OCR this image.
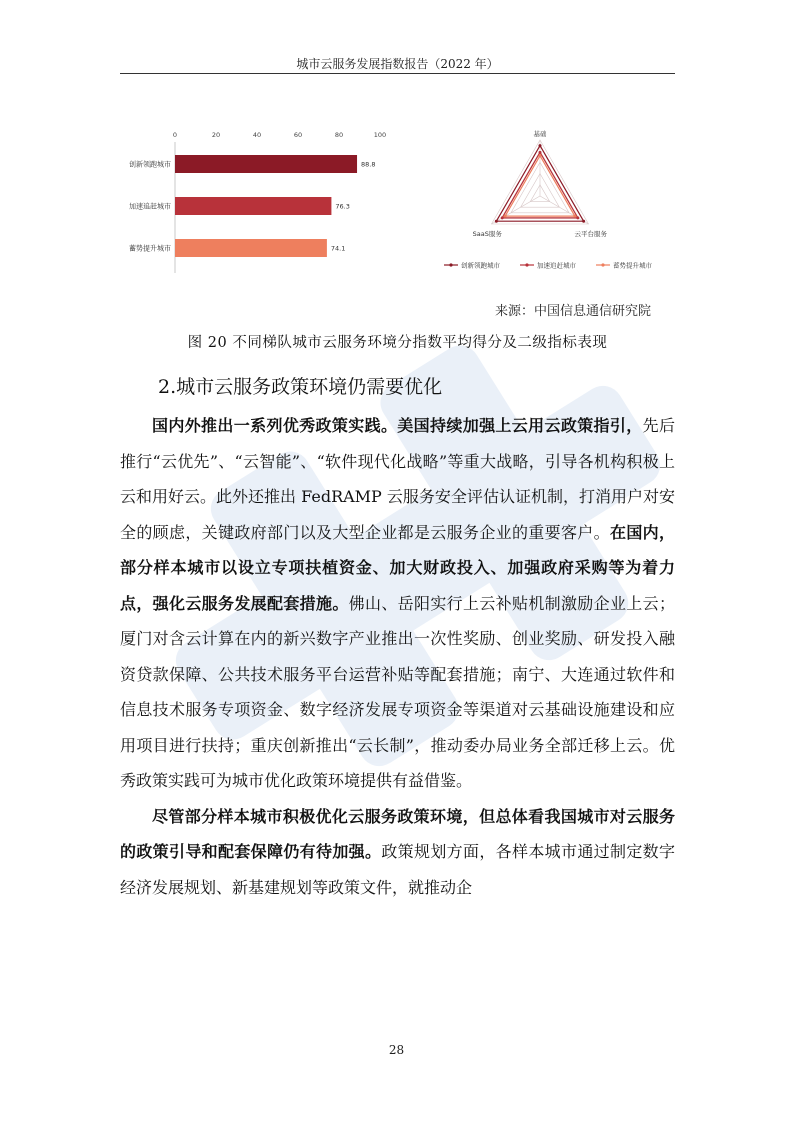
城市云服务发展指数报告（2022 年）
0	20	40	60	80	100
创新领跑城市	88.8
加速追赶城市	76.3
蓄势提升城市	74.1
基础
云平台服务
SaaS服务
创新领跑城市	加速追赶城市	蓄势提升城市
来源：中国信息通信研究院
图 20 不同梯队城市云服务环境分指数平均得分及二级指标表现
2.城市云服务政策环境仍需要优化

国内外推出一系列优秀政策实践。美国持续加强上云用云政策指引，先后推行“云优先”、“云智能”、“软件现代化战略”等重大战略，引导各机构积极上云和用好云。此外还推出 FedRAMP 云服务安全评估认证机制，打消用户对安全的顾虑，关键政府部门以及大型企业都是云服务企业的重要客户。在国内，部分样本城市以设立专项扶植资金、加大财政投入、加强政府采购等为着力点，强化云服务发展配套措施。佛山、岳阳实行上云补贴机制激励企业上云；厦门对含云计算在内的新兴数字产业推出一次性奖励、创业奖励、研发投入融资贷款保障、公共技术服务平台运营补贴等配套措施；南宁、大连通过软件和信息技术服务专项资金、数字经济发展专项资金等渠道对云基础设施建设和应用项目进行扶持；重庆创新推出“云长制”，推动委办局业务全部迁移上云。优秀政策实践可为城市优化政策环境提供有益借鉴。

尽管部分样本城市积极优化云服务政策环境，但总体看我国城市对云服务的政策引导和配套保障仍有待加强。政策规划方面，各样本城市通过制定数字经济发展规划、新基建规划等政策文件，就推动企

28
